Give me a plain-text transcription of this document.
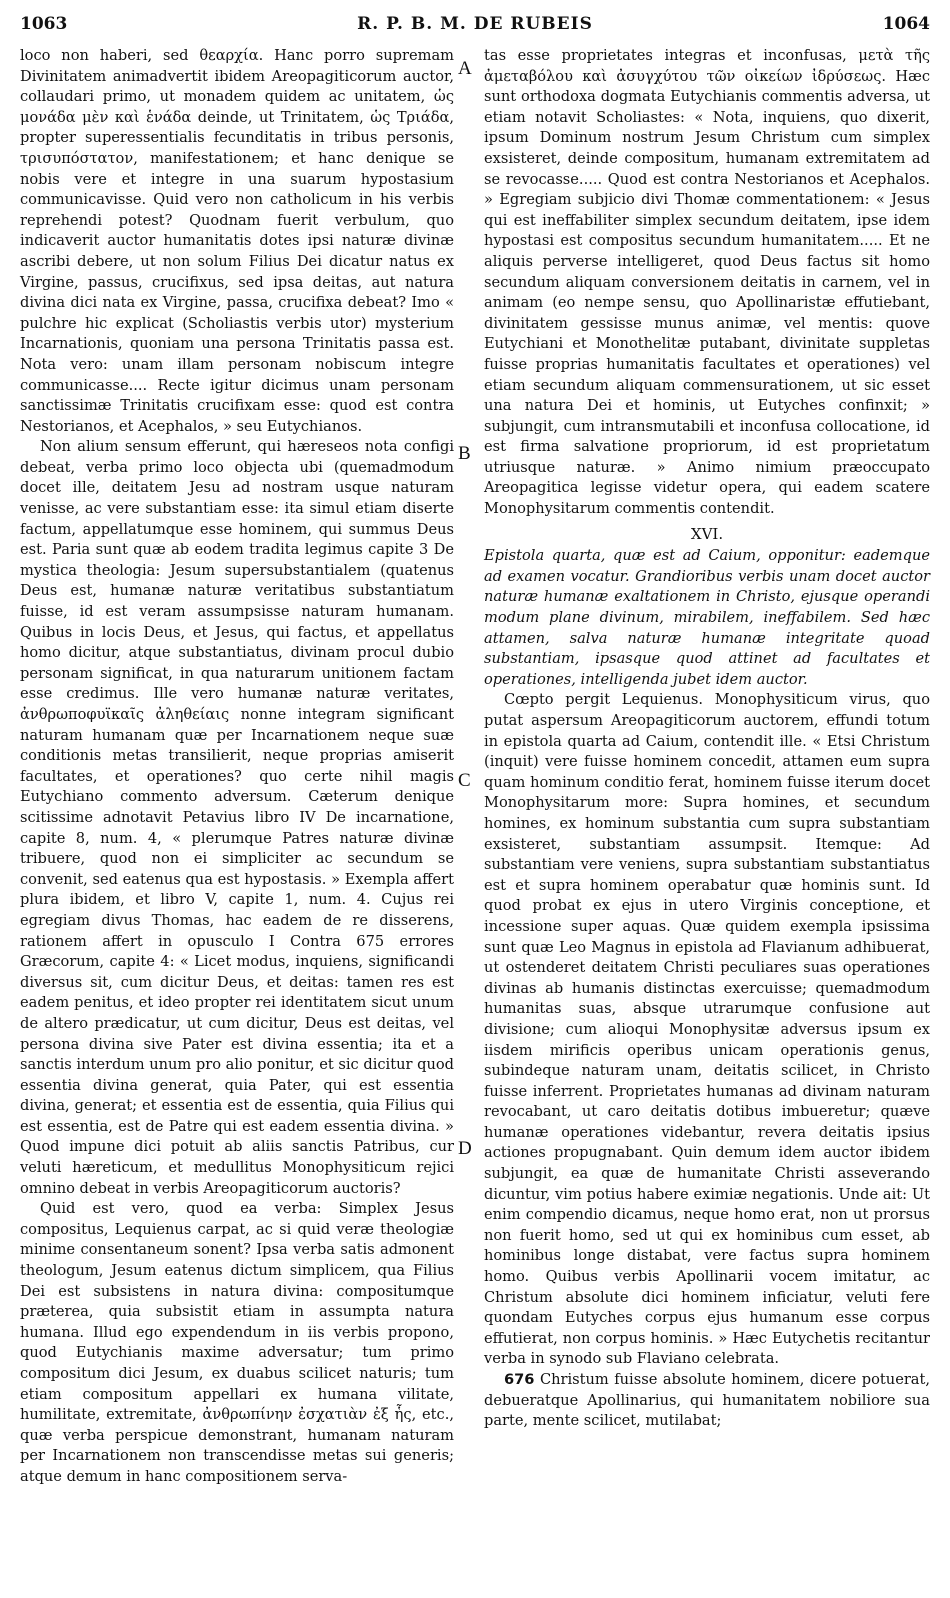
1063	R. P. B. M. DE RUBEIS	1064
A
B
C
D

loco non haberi, sed θεαρχία. Hanc porro supremam Divinitatem animadvertit ibidem Areopagiticorum auctor, collaudari primo, ut monadem quidem ac unitatem, ὡς μονάδα μὲν καὶ ἑνάδα deinde, ut Trinitatem, ὡς Τριάδα, propter superessentialis fecunditatis in tribus personis, τρισυπόστατον, manifestationem; et hanc denique se nobis vere et integre in una suarum hypostasium communicavisse. Quid vero non catholicum in his verbis reprehendi potest? Quodnam fuerit verbulum, quo indicaverit auctor humanitatis dotes ipsi naturæ divinæ ascribi debere, ut non solum Filius Dei dicatur natus ex Virgine, passus, crucifixus, sed ipsa deitas, aut natura divina dici nata ex Virgine, passa, crucifixa debeat? Imo « pulchre hic explicat (Scholiastis verbis utor) mysterium Incarnationis, quoniam una persona Trinitatis passa est. Nota vero: unam illam personam nobiscum integre communicasse.... Recte igitur dicimus unam personam sanctissimæ Trinitatis crucifixam esse: quod est contra Nestorianos, et Acephalos, » seu Eutychianos.

Non alium sensum efferunt, qui hæreseos nota configi debeat, verba primo loco objecta ubi (quemadmodum docet ille, deitatem Jesu ad nostram usque naturam venisse, ac vere substantiam esse: ita simul etiam diserte factum, appellatumque esse hominem, qui summus Deus est. Paria sunt quæ ab eodem tradita legimus capite 3 De mystica theologia: Jesum supersubstantialem (quatenus Deus est, humanæ naturæ veritatibus substantiatum fuisse, id est veram assumpsisse naturam humanam. Quibus in locis Deus, et Jesus, qui factus, et appellatus homo dicitur, atque substantiatus, divinam procul dubio personam significat, in qua naturarum unitionem factam esse credimus. Ille vero humanæ naturæ veritates, ἀνθρωποφυϊκαῖς ἀληθείαις nonne integram significant naturam humanam quæ per Incarnationem neque suæ conditionis metas transilierit, neque proprias amiserit facultates, et operationes? quo certe nihil magis Eutychiano commento adversum. Cæterum denique scitissime adnotavit Petavius libro IV De incarnatione, capite 8, num. 4, « plerumque Patres naturæ divinæ tribuere, quod non ei simpliciter ac secundum se convenit, sed eatenus qua est hypostasis. » Exempla affert plura ibidem, et libro V, capite 1, num. 4. Cujus rei egregiam divus Thomas, hac eadem de re disserens, rationem affert in opusculo I Contra 675 errores Græcorum, capite 4: « Licet modus, inquiens, significandi diversus sit, cum dicitur Deus, et deitas: tamen res est eadem penitus, et ideo propter rei identitatem sicut unum de altero prædicatur, ut cum dicitur, Deus est deitas, vel persona divina sive Pater est divina essentia; ita et a sanctis interdum unum pro alio ponitur, et sic dicitur quod essentia divina generat, quia Pater, qui est essentia divina, generat; et essentia est de essentia, quia Filius qui est essentia, est de Patre qui est eadem essentia divina. » Quod impune dici potuit ab aliis sanctis Patribus, cur veluti hæreticum, et medullitus Monophysiticum rejici omnino debeat in verbis Areopagiticorum auctoris?

Quid est vero, quod ea verba: Simplex Jesus compositus, Lequienus carpat, ac si quid veræ theologiæ minime consentaneum sonent? Ipsa verba satis admonent theologum, Jesum eatenus dictum simplicem, qua Filius Dei est subsistens in natura divina: compositumque præterea, quia subsistit etiam in assumpta natura humana. Illud ego expendendum in iis verbis propono, quod Eutychianis maxime adversatur; tum primo compositum dici Jesum, ex duabus scilicet naturis; tum etiam compositum appellari ex humana vilitate, humilitate, extremitate, ἀνθρωπίνην ἐσχατιὰν ἐξ ἧς, etc., quæ verba perspicue demonstrant, humanam naturam per Incarnationem non transcendisse metas sui generis; atque demum in hanc compositionem serva-

tas esse proprietates integras et inconfusas, μετὰ τῆς ἀμεταβόλου καὶ ἀσυγχύτου τῶν οἰκείων ἰδρύσεως. Hæc sunt orthodoxa dogmata Eutychianis commentis adversa, ut etiam notavit Scholiastes: « Nota, inquiens, quo dixerit, ipsum Dominum nostrum Jesum Christum cum simplex exsisteret, deinde compositum, humanam extremitatem ad se revocasse..... Quod est contra Nestorianos et Acephalos. » Egregiam subjicio divi Thomæ commentationem: « Jesus qui est ineffabiliter simplex secundum deitatem, ipse idem hypostasi est compositus secundum humanitatem..... Et ne aliquis perverse intelligeret, quod Deus factus sit homo secundum aliquam conversionem deitatis in carnem, vel in animam (eo nempe sensu, quo Apollinaristæ effutiebant, divinitatem gessisse munus animæ, vel mentis: quove Eutychiani et Monothelitæ putabant, divinitate suppletas fuisse proprias humanitatis facultates et operationes) vel etiam secundum aliquam commensurationem, ut sic esset una natura Dei et hominis, ut Eutyches confinxit; » subjungit, cum intransmutabili et inconfusa collocatione, id est firma salvatione propriorum, id est proprietatum utriusque naturæ. » Animo nimium præoccupato Areopagitica legisse videtur opera, qui eadem scatere Monophysitarum commentis contendit.

XVI.

Epistola quarta, quæ est ad Caium, opponitur: eademque ad examen vocatur. Grandioribus verbis unam docet auctor naturæ humanæ exaltationem in Christo, ejusque operandi modum plane divinum, mirabilem, ineffabilem. Sed hæc attamen, salva naturæ humanæ integritate quoad substantiam, ipsasque quod attinet ad facultates et operationes, intelligenda jubet idem auctor.

Cœpto pergit Lequienus. Monophysiticum virus, quo putat aspersum Areopagiticorum auctorem, effundi totum in epistola quarta ad Caium, contendit ille. « Etsi Christum (inquit) vere fuisse hominem concedit, attamen eum supra quam hominum conditio ferat, hominem fuisse iterum docet Monophysitarum more: Supra homines, et secundum homines, ex hominum substantia cum supra substantiam exsisteret, substantiam assumpsit. Itemque: Ad substantiam vere veniens, supra substantiam substantiatus est et supra hominem operabatur quæ hominis sunt. Id quod probat ex ejus in utero Virginis conceptione, et incessione super aquas. Quæ quidem exempla ipsissima sunt quæ Leo Magnus in epistola ad Flavianum adhibuerat, ut ostenderet deitatem Christi peculiares suas operationes divinas ab humanis distinctas exercuisse; quemadmodum humanitas suas, absque utrarumque confusione aut divisione; cum alioqui Monophysitæ adversus ipsum ex iisdem mirificis operibus unicam operationis genus, subindeque naturam unam, deitatis scilicet, in Christo fuisse inferrent. Proprietates humanas ad divinam naturam revocabant, ut caro deitatis dotibus imbueretur; quæve humanæ operationes videbantur, revera deitatis ipsius actiones propugnabant. Quin demum idem auctor ibidem subjungit, ea quæ de humanitate Christi asseverando dicuntur, vim potius habere eximiæ negationis. Unde ait: Ut enim compendio dicamus, neque homo erat, non ut prorsus non fuerit homo, sed ut qui ex hominibus cum esset, ab hominibus longe distabat, vere factus supra hominem homo. Quibus verbis Apollinarii vocem imitatur, ac Christum absolute dici hominem inficiatur, veluti fere quondam Eutyches corpus ejus humanum esse corpus effutierat, non corpus hominis. » Hæc Eutychetis recitantur verba in synodo sub Flaviano celebrata.

676 Christum fuisse absolute hominem, dicere potuerat, debueratque Apollinarius, qui humanitatem nobiliore sua parte, mente scilicet, mutilabat;
